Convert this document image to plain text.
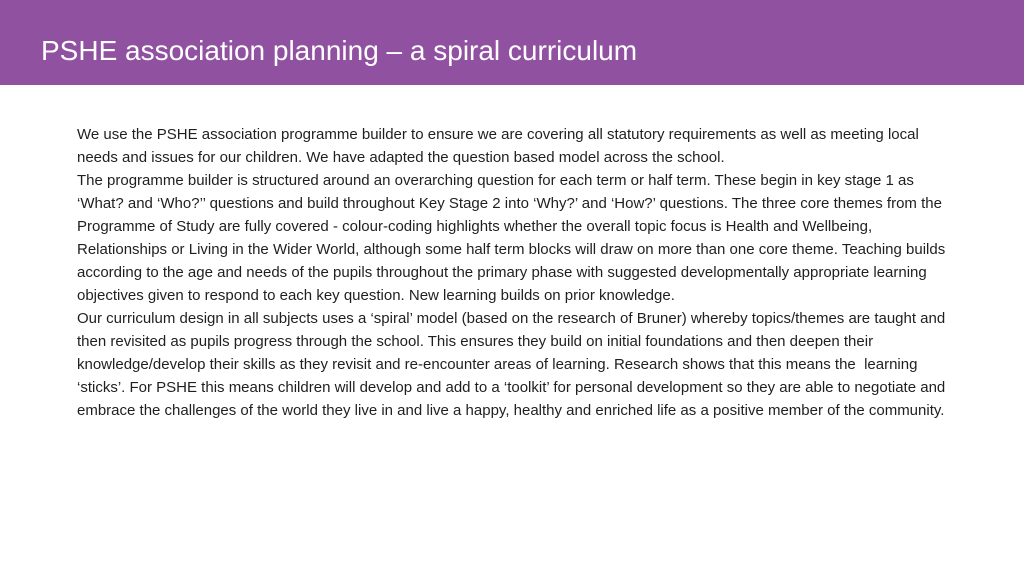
PSHE association planning – a spiral curriculum

We use the PSHE association programme builder to ensure we are covering all statutory requirements as well as meeting local needs and issues for our children. We have adapted the question based model across the school.

The programme builder is structured around an overarching question for each term or half term. These begin in key stage 1 as ‘What? and ‘Who?’’ questions and build throughout Key Stage 2 into ‘Why?’ and ‘How?’ questions. The three core themes from the Programme of Study are fully covered - colour-coding highlights whether the overall topic focus is Health and Wellbeing, Relationships or Living in the Wider World, although some half term blocks will draw on more than one core theme. Teaching builds according to the age and needs of the pupils throughout the primary phase with suggested developmentally appropriate learning objectives given to respond to each key question. New learning builds on prior knowledge.

Our curriculum design in all subjects uses a ‘spiral’ model (based on the research of Bruner) whereby topics/themes are taught and then revisited as pupils progress through the school. This ensures they build on initial foundations and then deepen their knowledge/develop their skills as they revisit and re-encounter areas of learning. Research shows that this means the  learning ‘sticks’. For PSHE this means children will develop and add to a ‘toolkit’ for personal development so they are able to negotiate and embrace the challenges of the world they live in and live a happy, healthy and enriched life as a positive member of the community.
